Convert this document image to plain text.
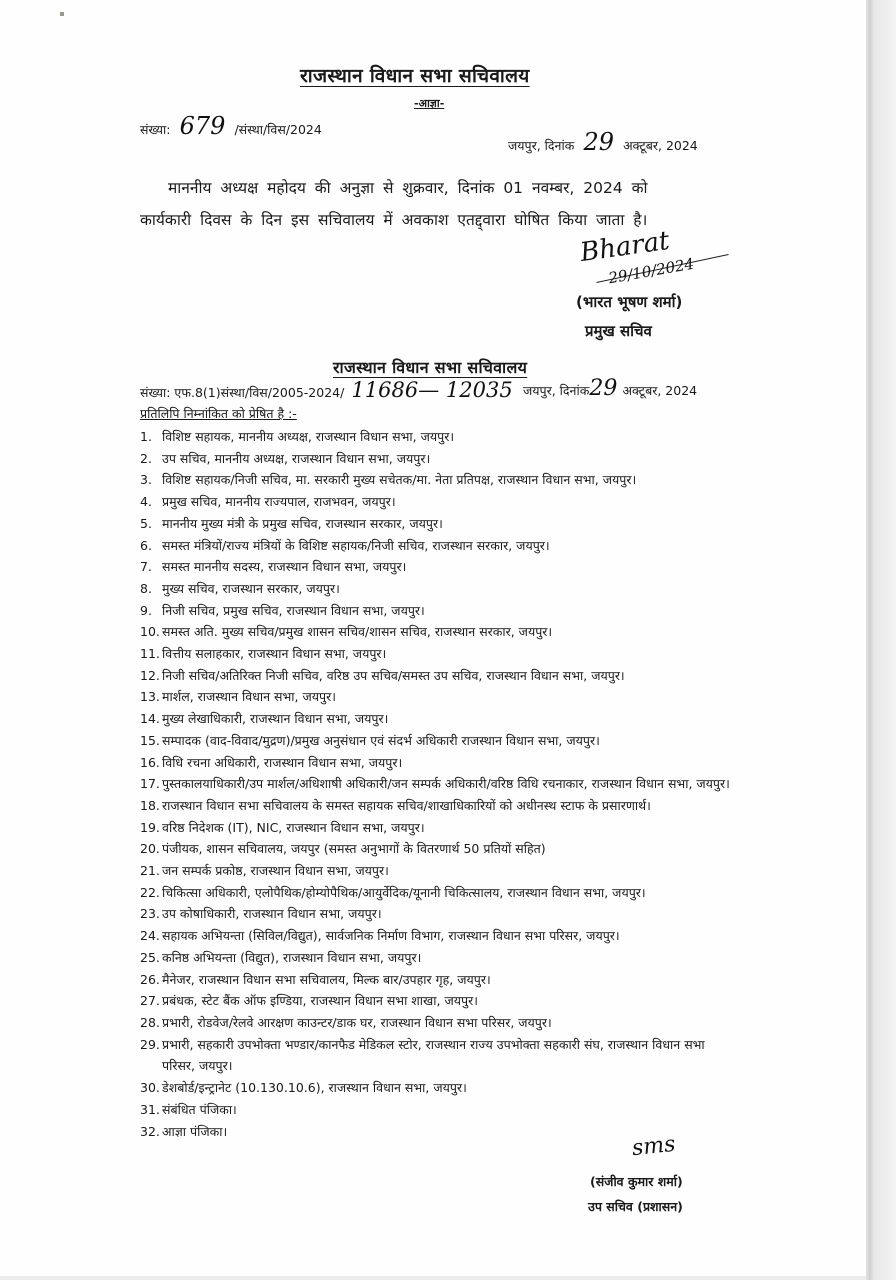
राजस्थान विधान सभा सचिवालय
-आज्ञा-
संख्या: 679 /संस्था/विस/2024
जयपुर, दिनांक 29 अक्टूबर, 2024
माननीय अध्यक्ष महोदय की अनुज्ञा से शुक्रवार, दिनांक 01 नवम्बर, 2024 को
कार्यकारी दिवस के दिन इस सचिवालय में अवकाश एतद्द्वारा घोषित किया जाता है।
Bharat
29/10/2024
(भारत भूषण शर्मा)
प्रमुख सचिव
राजस्थान विधान सभा सचिवालय
संख्या: एफ.8(1)संस्था/विस/2005-2024/ 11686— 12035 जयपुर, दिनांक29 अक्टूबर, 2024
प्रतिलिपि निम्नांकित को प्रेषित है :-
1. विशिष्ट सहायक, माननीय अध्यक्ष, राजस्थान विधान सभा, जयपुर।
2. उप सचिव, माननीय अध्यक्ष, राजस्थान विधान सभा, जयपुर।
3. विशिष्ट सहायक/निजी सचिव, मा. सरकारी मुख्य सचेतक/मा. नेता प्रतिपक्ष, राजस्थान विधान सभा, जयपुर।
4. प्रमुख सचिव, माननीय राज्यपाल, राजभवन, जयपुर।
5. माननीय मुख्य मंत्री के प्रमुख सचिव, राजस्थान सरकार, जयपुर।
6. समस्त मंत्रियों/राज्य मंत्रियों के विशिष्ट सहायक/निजी सचिव, राजस्थान सरकार, जयपुर।
7. समस्त माननीय सदस्य, राजस्थान विधान सभा, जयपुर।
8. मुख्य सचिव, राजस्थान सरकार, जयपुर।
9. निजी सचिव, प्रमुख सचिव, राजस्थान विधान सभा, जयपुर।
10. समस्त अति. मुख्य सचिव/प्रमुख शासन सचिव/शासन सचिव, राजस्थान सरकार, जयपुर।
11. वित्तीय सलाहकार, राजस्थान विधान सभा, जयपुर।
12. निजी सचिव/अतिरिक्त निजी सचिव, वरिष्ठ उप सचिव/समस्त उप सचिव, राजस्थान विधान सभा, जयपुर।
13. मार्शल, राजस्थान विधान सभा, जयपुर।
14. मुख्य लेखाधिकारी, राजस्थान विधान सभा, जयपुर।
15. सम्पादक (वाद-विवाद/मुद्रण)/प्रमुख अनुसंधान एवं संदर्भ अधिकारी राजस्थान विधान सभा, जयपुर।
16. विधि रचना अधिकारी, राजस्थान विधान सभा, जयपुर।
17. पुस्तकालयाधिकारी/उप मार्शल/अधिशाषी अधिकारी/जन सम्पर्क अधिकारी/वरिष्ठ विधि रचनाकार, राजस्थान विधान सभा, जयपुर।
18. राजस्थान विधान सभा सचिवालय के समस्त सहायक सचिव/शाखाधिकारियों को अधीनस्थ स्टाफ के प्रसारणार्थ।
19. वरिष्ठ निदेशक (IT), NIC, राजस्थान विधान सभा, जयपुर।
20. पंजीयक, शासन सचिवालय, जयपुर (समस्त अनुभागों के वितरणार्थ 50 प्रतियों सहित)
21. जन सम्पर्क प्रकोष्ठ, राजस्थान विधान सभा, जयपुर।
22. चिकित्सा अधिकारी, एलोपैथिक/होम्योपैथिक/आयुर्वेदिक/यूनानी चिकित्सालय, राजस्थान विधान सभा, जयपुर।
23. उप कोषाधिकारी, राजस्थान विधान सभा, जयपुर।
24. सहायक अभियन्ता (सिविल/विद्युत), सार्वजनिक निर्माण विभाग, राजस्थान विधान सभा परिसर, जयपुर।
25. कनिष्ठ अभियन्ता (विद्युत), राजस्थान विधान सभा, जयपुर।
26. मैनेजर, राजस्थान विधान सभा सचिवालय, मिल्क बार/उपहार गृह, जयपुर।
27. प्रबंधक, स्टेट बैंक ऑफ इण्डिया, राजस्थान विधान सभा शाखा, जयपुर।
28. प्रभारी, रोडवेज/रेलवे आरक्षण काउन्टर/डाक घर, राजस्थान विधान सभा परिसर, जयपुर।
29. प्रभारी, सहकारी उपभोक्ता भण्डार/कानफैड मेडिकल स्टोर, राजस्थान राज्य उपभोक्ता सहकारी संघ, राजस्थान विधान सभा परिसर, जयपुर।
30. डेशबोर्ड/इन्ट्रानेट (10.130.10.6), राजस्थान विधान सभा, जयपुर।
31. संबंधित पंजिका।
32. आज्ञा पंजिका।
sms
(संजीव कुमार शर्मा)
उप सचिव (प्रशासन)
